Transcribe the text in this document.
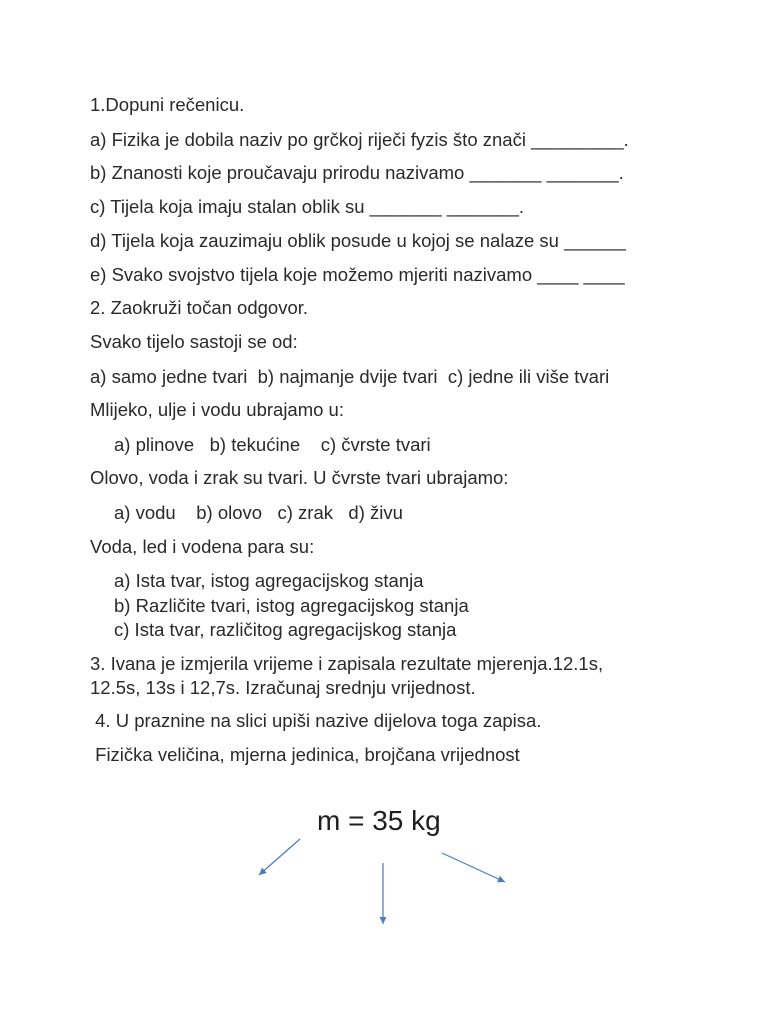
1.Dopuni rečenicu.
a) Fizika je dobila naziv po grčkoj riječi fyzis što znači _________.
b) Znanosti koje proučavaju prirodu nazivamo _______ _______.
c) Tijela koja imaju stalan oblik su _______ _______.
d) Tijela koja zauzimaju oblik posude u kojoj se nalaze su ______
e) Svako svojstvo tijela koje možemo mjeriti nazivamo ____ ____
2. Zaokruži točan odgovor.
Svako tijelo sastoji se od:
a) samo jedne tvari  b) najmanje dvije tvari  c) jedne ili više tvari
Mlijeko, ulje i vodu ubrajamo u:
a) plinove   b) tekućine    c) čvrste tvari
Olovo, voda i zrak su tvari. U čvrste tvari ubrajamo:
a) vodu    b) olovo   c) zrak   d) živu
Voda, led i vodena para su:
a) Ista tvar, istog agregacijskog stanja
b) Različite tvari, istog agregacijskog stanja
c) Ista tvar, različitog agregacijskog stanja
3. Ivana je izmjerila vrijeme i zapisala rezultate mjerenja.12.1s,
12.5s, 13s i 12,7s. Izračunaj srednju vrijednost.
4. U praznine na slici upiši nazive dijelova toga zapisa.
Fizička veličina, mjerna jedinica, brojčana vrijednost
m = 35 kg
